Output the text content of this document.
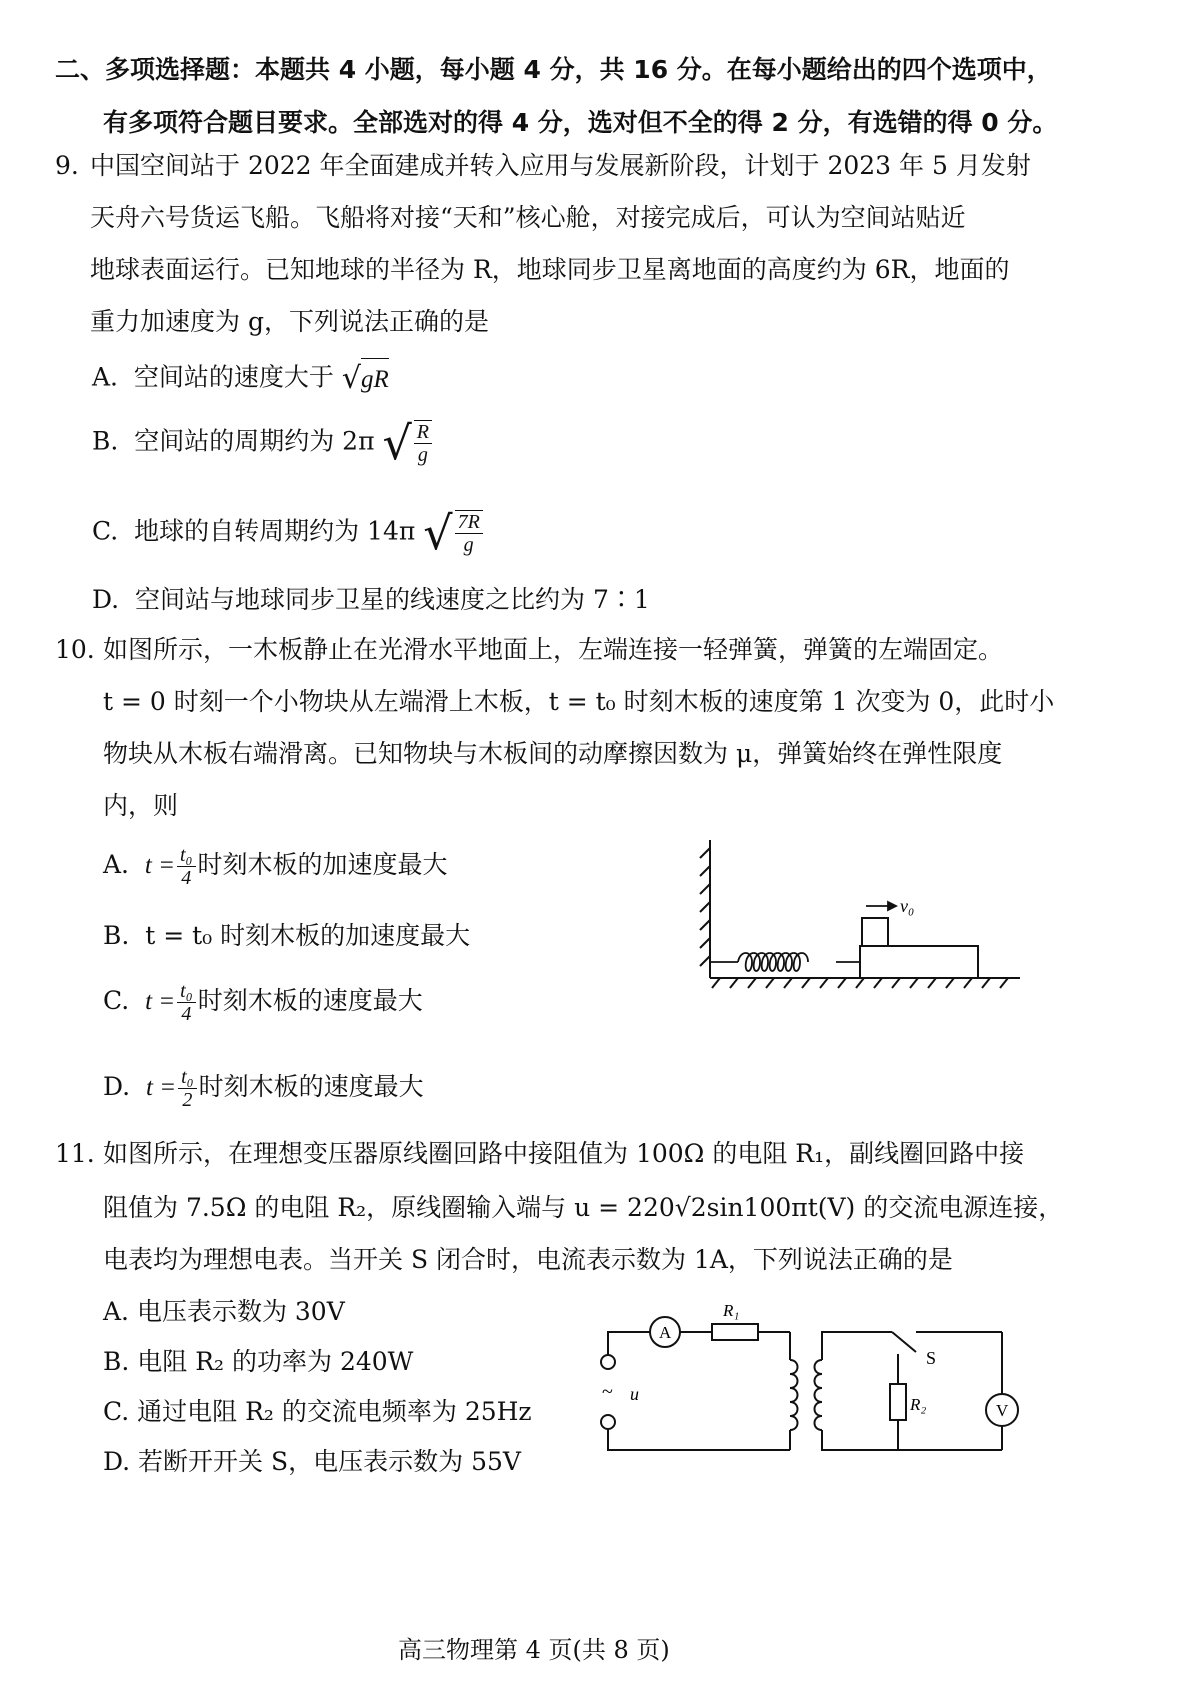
二、多项选择题：本题共 4 小题，每小题 4 分，共 16 分。在每小题给出的四个选项中，
有多项符合题目要求。全部选对的得 4 分，选对但不全的得 2 分，有选错的得 0 分。
9. 中国空间站于 2022 年全面建成并转入应用与发展新阶段，计划于 2023 年 5 月发射
天舟六号货运飞船。飞船将对接“天和”核心舱，对接完成后，可认为空间站贴近
地球表面运行。已知地球的半径为 R，地球同步卫星离地面的高度约为 6R，地面的
重力加速度为 g，下列说法正确的是
A. 空间站的速度大于 √ gR
B. 空间站的周期约为 2π √ $\frac{R}{g}$
C. 地球的自转周期约为 14π √ $\frac{7R}{g}$
D. 空间站与地球同步卫星的线速度之比约为 7∶1
10. 如图所示，一木板静止在光滑水平地面上，左端连接一轻弹簧，弹簧的左端固定。
t = 0 时刻一个小物块从左端滑上木板，t = t₀ 时刻木板的速度第 1 次变为 0，此时小
物块从木板右端滑离。已知物块与木板间的动摩擦因数为 μ，弹簧始终在弹性限度
内，则
A. $t = \frac{\text{t₀}}{4}$ 时刻木板的加速度最大
B. t = t₀ 时刻木板的加速度最大
C. $t = \frac{\text{t₀}}{4}$ 时刻木板的速度最大
D. $t = \frac{\text{t₀}}{2}$ 时刻木板的速度最大
v₀
11. 如图所示，在理想变压器原线圈回路中接阻值为 100Ω 的电阻 R₁，副线圈回路中接
阻值为 7.5Ω 的电阻 R₂，原线圈输入端与 u = 220√2sin100πt(V) 的交流电源连接，
电表均为理想电表。当开关 S 闭合时，电流表示数为 1A，下列说法正确的是
A. 电压表示数为 30V
B. 电阻 R₂ 的功率为 240W
C. 通过电阻 R₂ 的交流电频率为 25Hz
D. 若断开开关 S，电压表示数为 55V
~ u
A
R₁
S
R₂	V
高三物理第 4 页(共 8 页)
